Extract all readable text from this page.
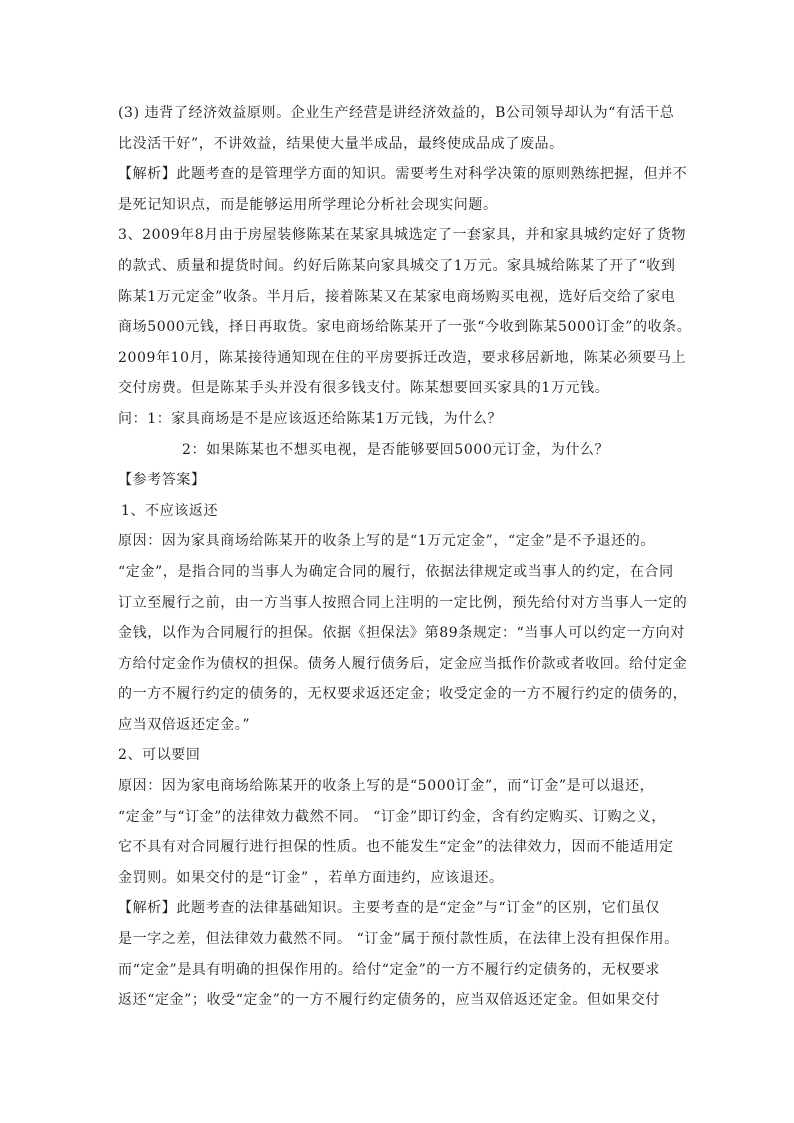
(3) 违背了经济效益原则。企业生产经营是讲经济效益的，B公司领导却认为“有活干总
比没活干好”，不讲效益，结果使大量半成品，最终使成品成了废品。
【解析】此题考查的是管理学方面的知识。需要考生对科学决策的原则熟练把握，但并不
是死记知识点，而是能够运用所学理论分析社会现实问题。
3、2009年8月由于房屋装修陈某在某家具城选定了一套家具，并和家具城约定好了货物
的款式、质量和提货时间。约好后陈某向家具城交了1万元。家具城给陈某了开了“收到
陈某1万元定金”收条。半月后，接着陈某又在某家电商场购买电视，选好后交给了家电
商场5000元钱，择日再取货。家电商场给陈某开了一张“今收到陈某5000订金”的收条。
2009年10月，陈某接待通知现在住的平房要拆迁改造，要求移居新地，陈某必须要马上
交付房费。但是陈某手头并没有很多钱支付。陈某想要回买家具的1万元钱。
问：1：家具商场是不是应该返还给陈某1万元钱，为什么？
2：如果陈某也不想买电视，是否能够要回5000元订金，为什么？
【参考答案】
1、不应该返还
原因：因为家具商场给陈某开的收条上写的是“1万元定金”，“定金”是不予退还的。
“定金”，是指合同的当事人为确定合同的履行，依据法律规定或当事人的约定，在合同
订立至履行之前，由一方当事人按照合同上注明的一定比例，预先给付对方当事人一定的
金钱，以作为合同履行的担保。依据《担保法》第89条规定：“当事人可以约定一方向对
方给付定金作为债权的担保。债务人履行债务后，定金应当抵作价款或者收回。给付定金
的一方不履行约定的债务的，无权要求返还定金；收受定金的一方不履行约定的债务的，
应当双倍返还定金。”
2、可以要回
原因：因为家电商场给陈某开的收条上写的是“5000订金”，而“订金”是可以退还，
“定金”与“订金”的法律效力截然不同。 “订金”即订约金，含有约定购买、订购之义，
它不具有对合同履行进行担保的性质。也不能发生“定金”的法律效力，因而不能适用定
金罚则。如果交付的是“订金” ，若单方面违约，应该退还。
【解析】此题考查的法律基础知识。主要考查的是“定金”与“订金”的区别，它们虽仅
是一字之差，但法律效力截然不同。 “订金”属于预付款性质，在法律上没有担保作用。
而“定金”是具有明确的担保作用的。给付“定金”的一方不履行约定债务的，无权要求
返还“定金”；收受“定金”的一方不履行约定债务的，应当双倍返还定金。但如果交付
